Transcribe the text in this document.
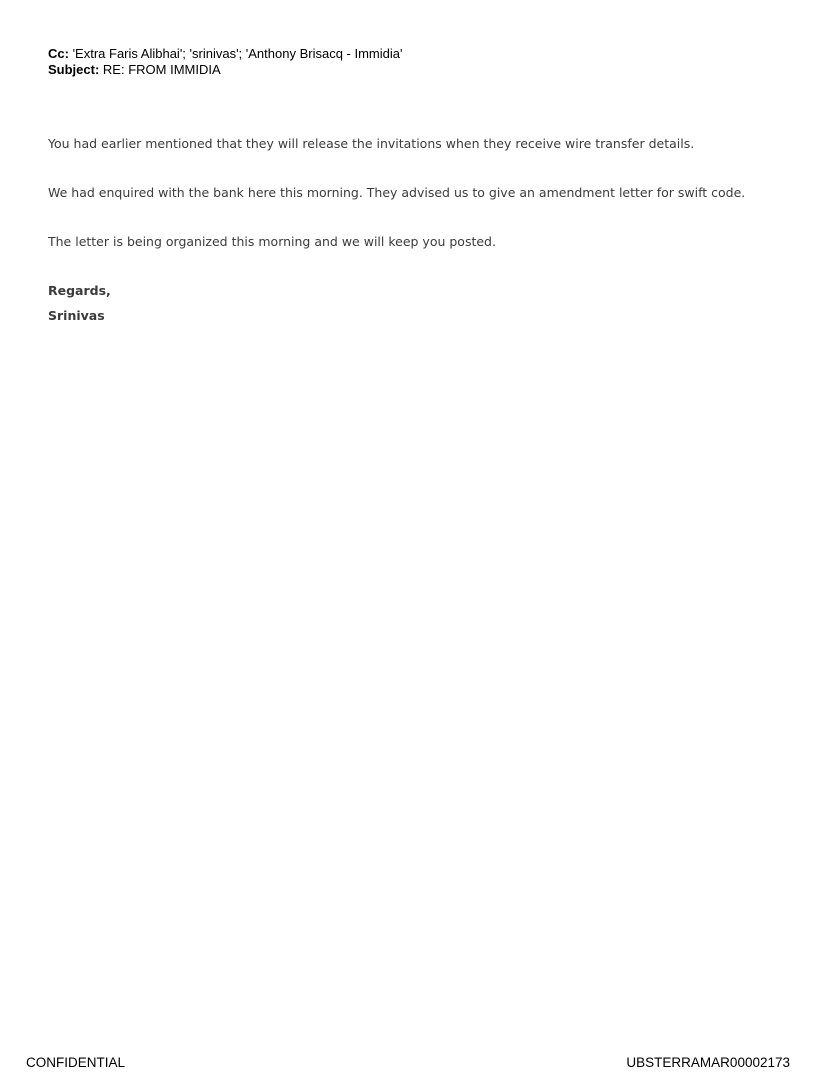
Cc: 'Extra Faris Alibhai'; 'srinivas'; 'Anthony Brisacq - Immidia'
Subject: RE: FROM IMMIDIA
You had earlier mentioned that they will release the invitations when they receive wire transfer details.
We had enquired with the bank here this morning. They advised us to give an amendment letter for swift code.
The letter is being organized this morning and we will keep you posted.
Regards,
Srinivas
CONFIDENTIAL	UBSTERRAMAR00002173
